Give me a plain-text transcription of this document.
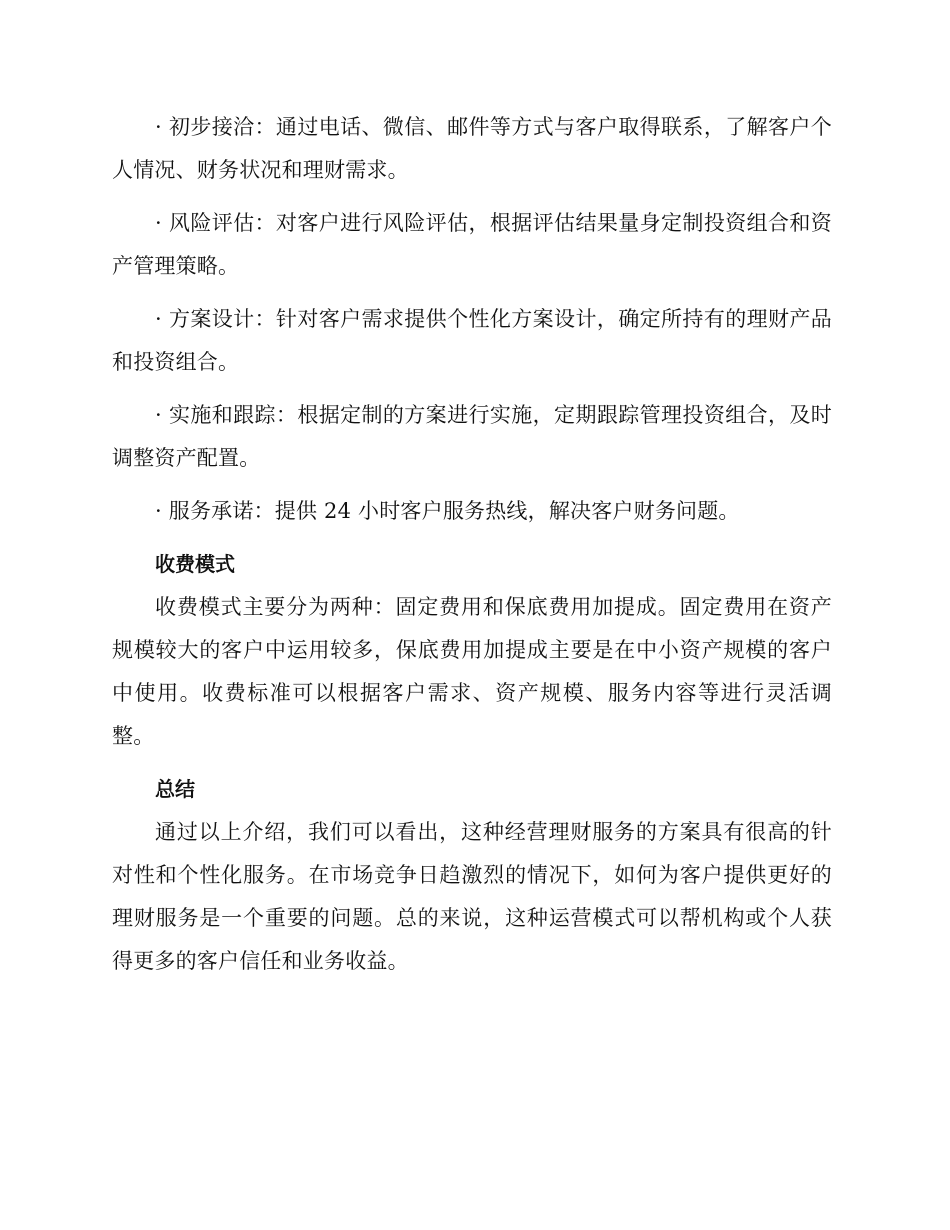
· 初步接洽：通过电话、微信、邮件等方式与客户取得联系，了解客户个人情况、财务状况和理财需求。

· 风险评估：对客户进行风险评估，根据评估结果量身定制投资组合和资产管理策略。

· 方案设计：针对客户需求提供个性化方案设计，确定所持有的理财产品和投资组合。

· 实施和跟踪：根据定制的方案进行实施，定期跟踪管理投资组合，及时调整资产配置。

· 服务承诺：提供 24 小时客户服务热线，解决客户财务问题。

收费模式

收费模式主要分为两种：固定费用和保底费用加提成。固定费用在资产规模较大的客户中运用较多，保底费用加提成主要是在中小资产规模的客户中使用。收费标准可以根据客户需求、资产规模、服务内容等进行灵活调整。

总结

通过以上介绍，我们可以看出，这种经营理财服务的方案具有很高的针对性和个性化服务。在市场竞争日趋激烈的情况下，如何为客户提供更好的理财服务是一个重要的问题。总的来说，这种运营模式可以帮机构或个人获得更多的客户信任和业务收益。
